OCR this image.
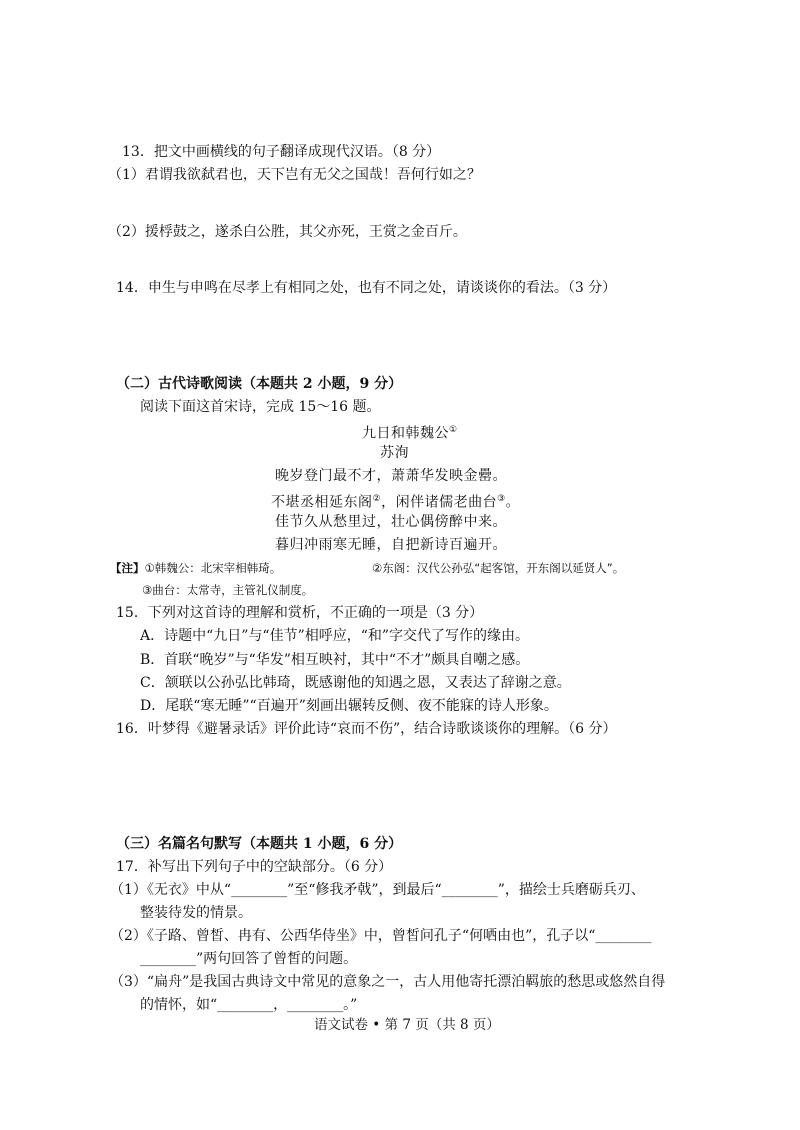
13．把文中画横线的句子翻译成现代汉语。（8 分）
（1）君谓我欲弑君也，天下岂有无父之国哉！吾何行如之？
（2）援桴鼓之，遂杀白公胜，其父亦死，王赏之金百斤。
14．申生与申鸣在尽孝上有相同之处，也有不同之处，请谈谈你的看法。（3 分）
（二）古代诗歌阅读（本题共 2 小题，9 分）
阅读下面这首宋诗，完成 15～16 题。
九日和韩魏公①
苏洵
晚岁登门最不才，萧萧华发映金罍。
不堪丞相延东阁②，闲伴诸儒老曲台③。
佳节久从愁里过，壮心偶傍醉中来。
暮归冲雨寒无睡，自把新诗百遍开。
【注】①韩魏公：北宋宰相韩琦。	②东阁：汉代公孙弘“起客馆，开东阁以延贤人”。
③曲台：太常寺，主管礼仪制度。
15．下列对这首诗的理解和赏析，不正确的一项是（3 分）
A．诗题中“九日”与“佳节”相呼应，“和”字交代了写作的缘由。
B．首联“晚岁”与“华发”相互映衬，其中“不才”颇具自嘲之感。
C．颔联以公孙弘比韩琦，既感谢他的知遇之恩，又表达了辞谢之意。
D．尾联“寒无睡”“百遍开”刻画出辗转反侧、夜不能寐的诗人形象。
16．叶梦得《避暑录话》评价此诗“哀而不伤”，结合诗歌谈谈你的理解。（6 分）
（三）名篇名句默写（本题共 1 小题，6 分）
17．补写出下列句子中的空缺部分。（6 分）
（1）《无衣》中从“________”至“修我矛戟”，到最后“________”，描绘士兵磨砺兵刃、
整装待发的情景。
（2）《子路、曾皙、冉有、公西华侍坐》中，曾皙问孔子“何哂由也”，孔子以“________
________”两句回答了曾皙的问题。
（3）“扁舟”是我国古典诗文中常见的意象之一，古人用他寄托漂泊羁旅的愁思或悠然自得
的情怀，如“________，________。”
语文试卷 • 第 7 页（共 8 页）
